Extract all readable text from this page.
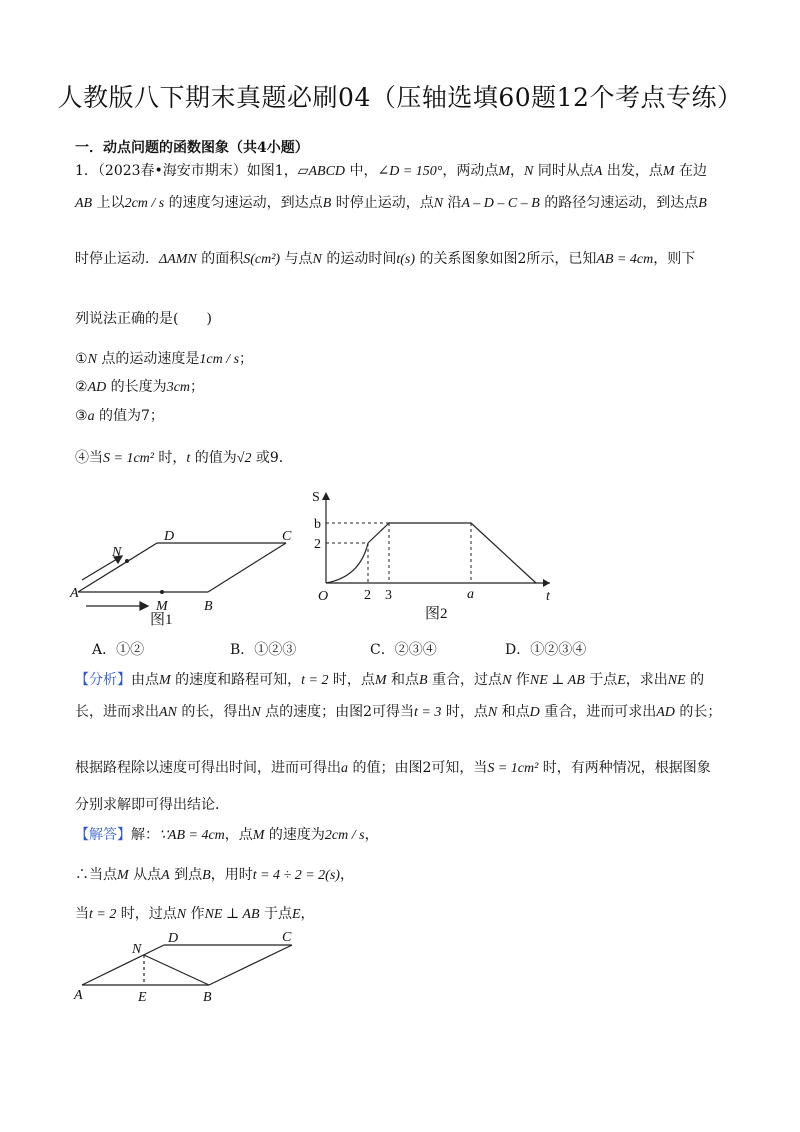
人教版八下期末真题必刷04（压轴选填60题12个考点专练）
一．动点问题的函数图象（共4小题）
1．（2023春•海安市期末）如图1，▱ABCD 中，∠D = 150°，两动点M，N 同时从点A 出发，点M 在边
AB 上以2cm / s 的速度匀速运动，到达点B 时停止运动，点N 沿A – D – C – B 的路径匀速运动，到达点B
时停止运动．ΔAMN 的面积S(cm²) 与点N 的运动时间t(s) 的关系图象如图2所示，已知AB = 4cm，则下
列说法正确的是(　　)
①N 点的运动速度是1cm / s；
②AD 的长度为3cm；
③a 的值为7；
④当S = 1cm² 时，t 的值为√2 或9．
A
B
C
D
M
N
图1
S
t
O
b
2
2 3	a
图2
A．①②	B．①②③	C．②③④	D．①②③④
【分析】由点M 的速度和路程可知，t = 2 时，点M 和点B 重合，过点N 作NE ⊥ AB 于点E，求出NE 的
长，进而求出AN 的长，得出N 点的速度；由图2可得当t = 3 时，点N 和点D 重合，进而可求出AD 的长；
根据路程除以速度可得出时间，进而可得出a 的值；由图2可知，当S = 1cm² 时，有两种情况，根据图象
分别求解即可得出结论．
【解答】解：∵AB = 4cm，点M 的速度为2cm / s，
∴当点M 从点A 到点B，用时t = 4 ÷ 2 = 2(s)，
当t = 2 时，过点N 作NE ⊥ AB 于点E，
A	B
C
D
E
N
